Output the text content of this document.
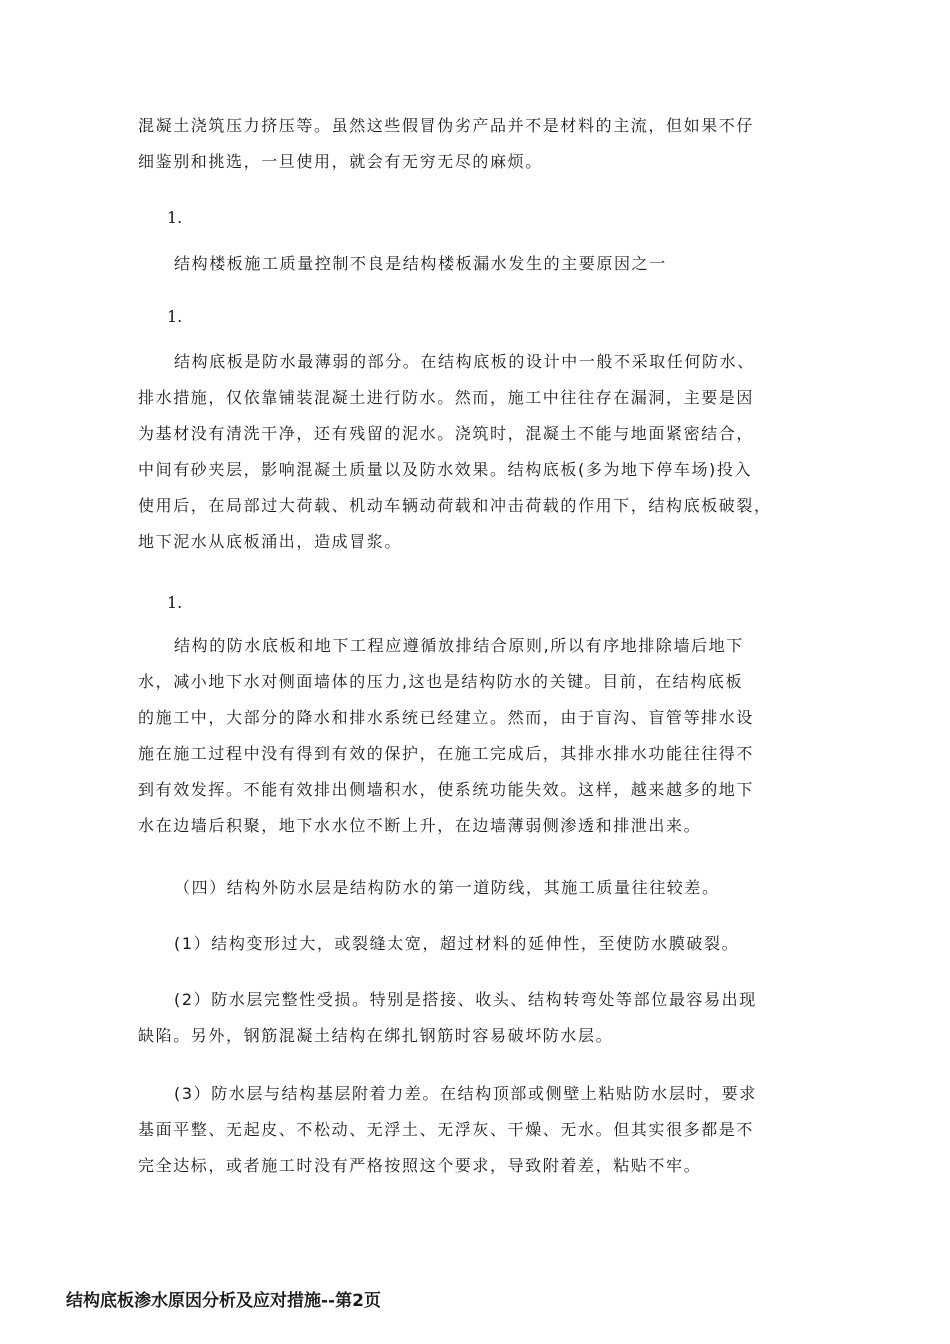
混凝土浇筑压力挤压等。虽然这些假冒伪劣产品并不是材料的主流，但如果不仔
细鉴别和挑选，一旦使用，就会有无穷无尽的麻烦。
1.
结构楼板施工质量控制不良是结构楼板漏水发生的主要原因之一
1.
结构底板是防水最薄弱的部分。在结构底板的设计中一般不采取任何防水、
排水措施，仅依靠铺装混凝土进行防水。然而，施工中往往存在漏洞，主要是因
为基材没有清洗干净，还有残留的泥水。浇筑时，混凝土不能与地面紧密结合，
中间有砂夹层，影响混凝土质量以及防水效果。结构底板(多为地下停车场)投入
使用后，在局部过大荷载、机动车辆动荷载和冲击荷载的作用下，结构底板破裂，
地下泥水从底板涌出，造成冒浆。
1.
结构的防水底板和地下工程应遵循放排结合原则,所以有序地排除墙后地下
水，减小地下水对侧面墙体的压力,这也是结构防水的关键。目前，在结构底板
的施工中，大部分的降水和排水系统已经建立。然而，由于盲沟、盲管等排水设
施在施工过程中没有得到有效的保护，在施工完成后，其排水排水功能往往得不
到有效发挥。不能有效排出侧墙积水，使系统功能失效。这样，越来越多的地下
水在边墙后积聚，地下水水位不断上升，在边墙薄弱侧渗透和排泄出来。
（四）结构外防水层是结构防水的第一道防线，其施工质量往往较差。
(1）结构变形过大，或裂缝太宽，超过材料的延伸性，至使防水膜破裂。
(2）防水层完整性受损。特别是搭接、收头、结构转弯处等部位最容易出现
缺陷。另外，钢筋混凝土结构在绑扎钢筋时容易破坏防水层。
(3）防水层与结构基层附着力差。在结构顶部或侧壁上粘贴防水层时，要求
基面平整、无起皮、不松动、无浮土、无浮灰、干燥、无水。但其实很多都是不
完全达标，或者施工时没有严格按照这个要求，导致附着差，粘贴不牢。
结构底板渗水原因分析及应对措施--第2页
